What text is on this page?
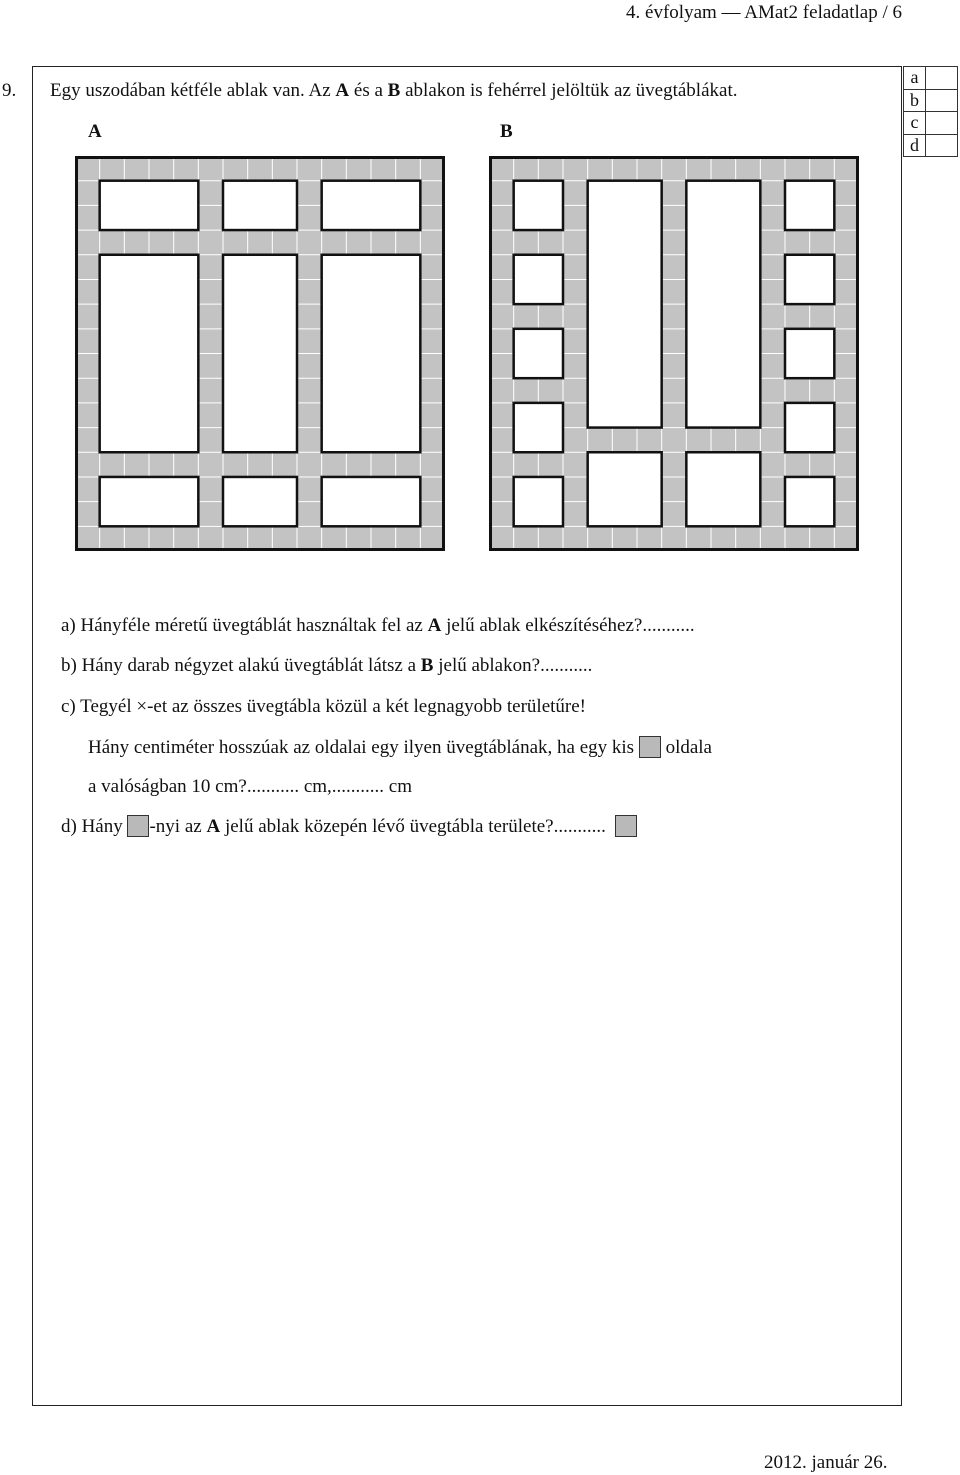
4. évfolyam — AMat2 feladatlap / 6
9. Egy uszodában kétféle ablak van. Az A és a B ablakon is fehérrel jelöltük az üvegtáblákat.
a	
b	
c	
d	
A	B
a) Hányféle méretű üvegtáblát használtak fel az A jelű ablak elkészítéséhez?...........
b) Hány darab négyzet alakú üvegtáblát látsz a B jelű ablakon?...........
c) Tegyél ×-et az összes üvegtábla közül a két legnagyobb területűre!
Hány centiméter hosszúak az oldalai egy ilyen üvegtáblának, ha egy kis oldala
a valóságban 10 cm?........... cm,........... cm
d) Hány -nyi az A jelű ablak közepén lévő üvegtábla területe?...........
2012. január 26.
